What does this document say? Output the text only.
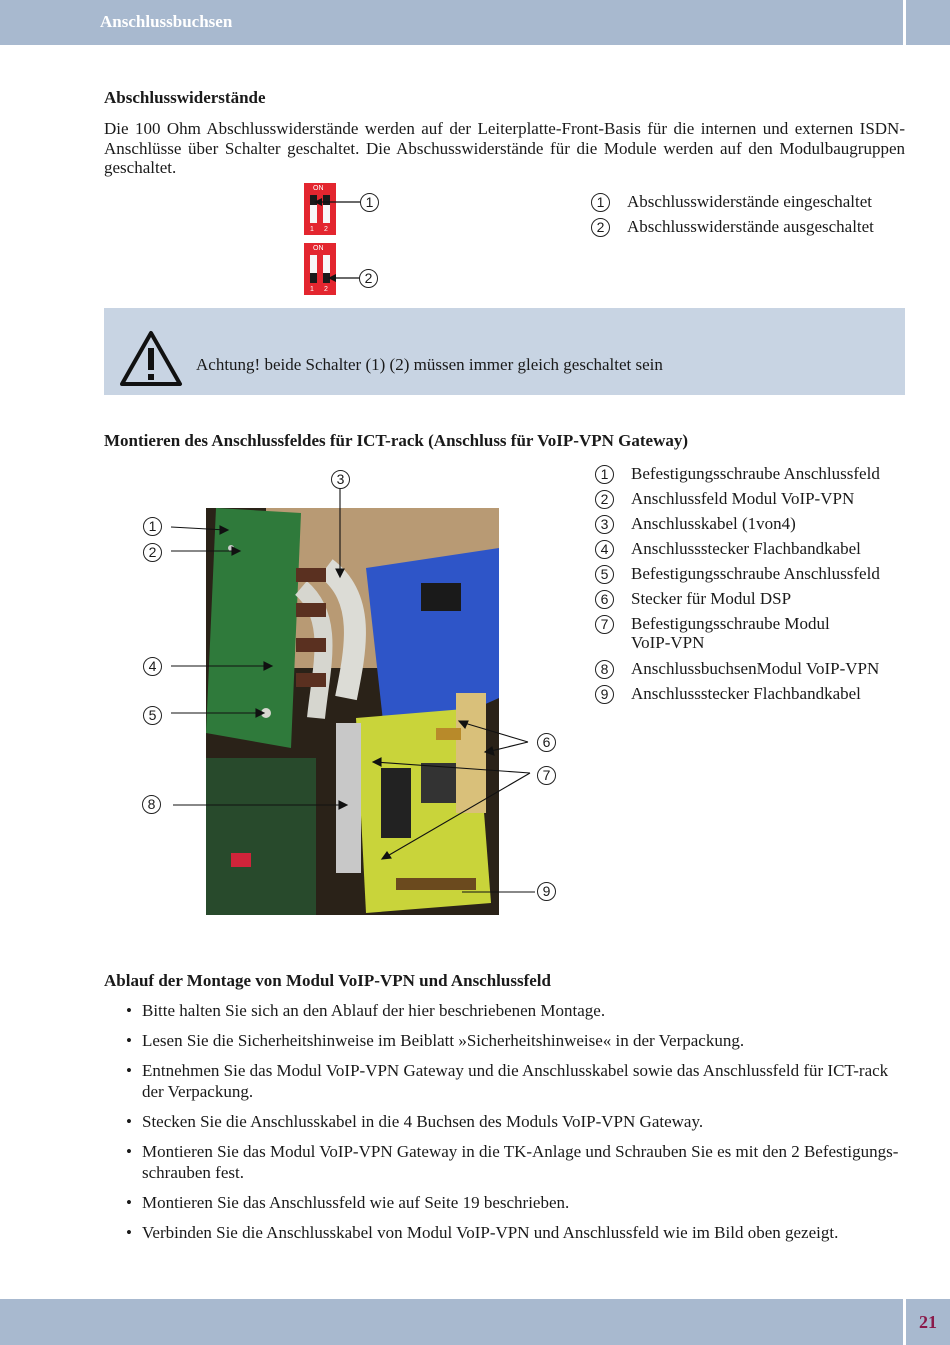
Anschlussbuchsen
Abschlusswiderstände
Die 100 Ohm Abschlusswiderstände werden auf der Leiterplatte-Front-Basis für die internen und externen ISDN-Anschlüsse über Schalter geschaltet. Die Abschusswiderstände für die Module werden auf den Modulbaugruppen geschaltet.
ON
1 2
ON
1 2
1
2
1 Abschlusswiderstände eingeschaltet
2 Abschlusswiderstände ausgeschaltet
Achtung! beide Schalter (1) (2) müssen immer gleich geschaltet sein
Montieren des Anschlussfeldes für ICT-rack (Anschluss für VoIP-VPN Gateway)
1
2
3
4
5
6
7
8
9
1 Befestigungsschraube Anschlussfeld
2 Anschlussfeld Modul VoIP-VPN
3 Anschlusskabel (1von4)
4 Anschlussstecker Flachbandkabel
5 Befestigungsschraube Anschlussfeld
6 Stecker für Modul DSP
7 Befestigungsschraube Modul
VoIP-VPN
8 AnschlussbuchsenModul VoIP-VPN
9 Anschlussstecker Flachbandkabel
Ablauf der Montage von Modul VoIP-VPN und Anschlussfeld
• Bitte halten Sie sich an den Ablauf der hier beschriebenen Montage.
• Lesen Sie die Sicherheitshinweise im Beiblatt »Sicherheitshinweise« in der Verpackung.
• Entnehmen Sie das Modul VoIP-VPN Gateway und die Anschlusskabel sowie das Anschlussfeld für ICT-rack der Verpackung.
• Stecken Sie die Anschlusskabel in die 4 Buchsen des Moduls VoIP-VPN Gateway.
• Montieren Sie das Modul VoIP-VPN Gateway in die TK-Anlage und Schrauben Sie es mit den 2 Befestigungs-schrauben fest.
• Montieren Sie das Anschlussfeld wie auf Seite 19 beschrieben.
• Verbinden Sie die Anschlusskabel von Modul VoIP-VPN und Anschlussfeld wie im Bild oben gezeigt.
21
